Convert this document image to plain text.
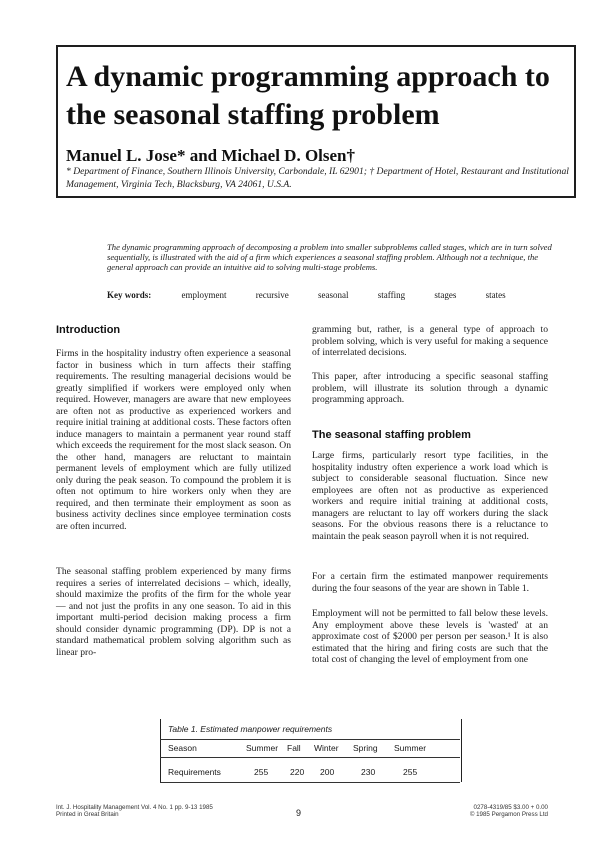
A dynamic programming approach to the seasonal staffing problem

Manuel L. Jose* and Michael D. Olsen†

* Department of Finance, Southern Illinois University, Carbondale, IL 62901; † Department of Hotel, Restaurant and Institutional Management, Virginia Tech, Blacksburg, VA 24061, U.S.A.

The dynamic programming approach of decomposing a problem into smaller subproblems called stages, which are in turn solved sequentially, is illustrated with the aid of a firm which experiences a seasonal staffing problem. Although not a technique, the general approach can provide an intuitive aid to solving multi-stage problems.

Key words:	employment	recursive	seasonal	staffing	stages	states
Introduction

Firms in the hospitality industry often experience a seasonal factor in business which in turn affects their staffing requirements. The resulting managerial decisions would be greatly simplified if workers were employed only when required. However, managers are aware that new employees are often not as productive as experienced workers and require initial training at additional costs. These factors often induce managers to maintain a permanent year round staff which exceeds the requirement for the most slack season. On the other hand, managers are reluctant to maintain permanent levels of employment which are fully utilized only during the peak season. To compound the problem it is often not optimum to hire workers only when they are required, and then terminate their employment as soon as business activity declines since employee termination costs are often incurred.

The seasonal staffing problem experienced by many firms requires a series of interrelated decisions – which, ideally, should maximize the profits of the firm for the whole year — and not just the profits in any one season. To aid in this important multi-period decision making process a firm should consider dynamic programming (DP). DP is not a standard mathematical problem solving algorithm such as linear pro-

gramming but, rather, is a general type of approach to problem solving, which is very useful for making a sequence of interrelated decisions.

This paper, after introducing a specific seasonal staffing problem, will illustrate its solution through a dynamic programming approach.

The seasonal staffing problem

Large firms, particularly resort type facilities, in the hospitality industry often experience a work load which is subject to considerable seasonal fluctuation. Since new employees are often not as productive as experienced workers and require initial training at additional costs, managers are reluctant to lay off workers during the slack seasons. For the obvious reasons there is a reluctance to maintain the peak season payroll when it is not required.

For a certain firm the estimated manpower requirements during the four seasons of the year are shown in Table 1.

Employment will not be permitted to fall below these levels. Any employment above these levels is 'wasted' at an approximate cost of $2000 per person per season.¹ It is also estimated that the hiring and firing costs are such that the total cost of changing the level of employment from one

Table 1. Estimated manpower requirements

Season	Summer Fall Winter Spring Summer
Requirements	255	220 200	230	255

Int. J. Hospitality Management Vol. 4 No. 1 pp. 9-13 1985

Printed in Great Britain	9

0278-4319/85 $3.00 + 0.00

© 1985 Pergamon Press Ltd
